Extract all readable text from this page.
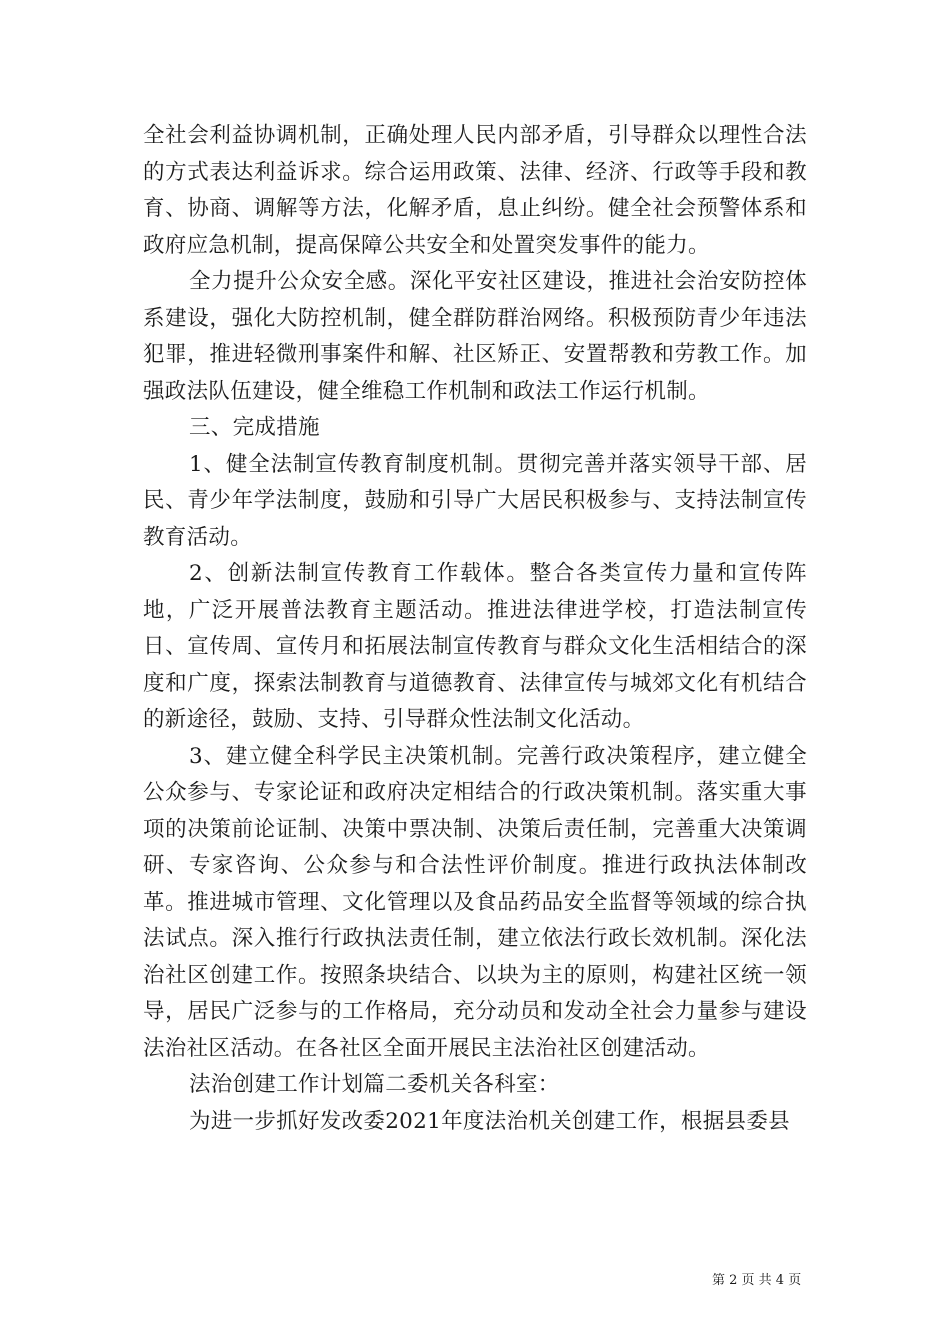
全社会利益协调机制，正确处理人民内部矛盾，引导群众以理性合法的方式表达利益诉求。综合运用政策、法律、经济、行政等手段和教育、协商、调解等方法，化解矛盾，息止纠纷。健全社会预警体系和政府应急机制，提高保障公共安全和处置突发事件的能力。

全力提升公众安全感。深化平安社区建设，推进社会治安防控体系建设，强化大防控机制，健全群防群治网络。积极预防青少年违法犯罪，推进轻微刑事案件和解、社区矫正、安置帮教和劳教工作。加强政法队伍建设，健全维稳工作机制和政法工作运行机制。

三、完成措施

1、健全法制宣传教育制度机制。贯彻完善并落实领导干部、居民、青少年学法制度，鼓励和引导广大居民积极参与、支持法制宣传教育活动。

2、创新法制宣传教育工作载体。整合各类宣传力量和宣传阵地，广泛开展普法教育主题活动。推进法律进学校，打造法制宣传日、宣传周、宣传月和拓展法制宣传教育与群众文化生活相结合的深度和广度，探索法制教育与道德教育、法律宣传与城郊文化有机结合的新途径，鼓励、支持、引导群众性法制文化活动。

3、建立健全科学民主决策机制。完善行政决策程序，建立健全公众参与、专家论证和政府决定相结合的行政决策机制。落实重大事项的决策前论证制、决策中票决制、决策后责任制，完善重大决策调研、专家咨询、公众参与和合法性评价制度。推进行政执法体制改革。推进城市管理、文化管理以及食品药品安全监督等领域的综合执法试点。深入推行行政执法责任制，建立依法行政长效机制。深化法治社区创建工作。按照条块结合、以块为主的原则，构建社区统一领导，居民广泛参与的工作格局，充分动员和发动全社会力量参与建设法治社区活动。在各社区全面开展民主法治社区创建活动。

法治创建工作计划篇二委机关各科室：

为进一步抓好发改委2021年度法治机关创建工作，根据县委县

第 2 页 共 4 页
